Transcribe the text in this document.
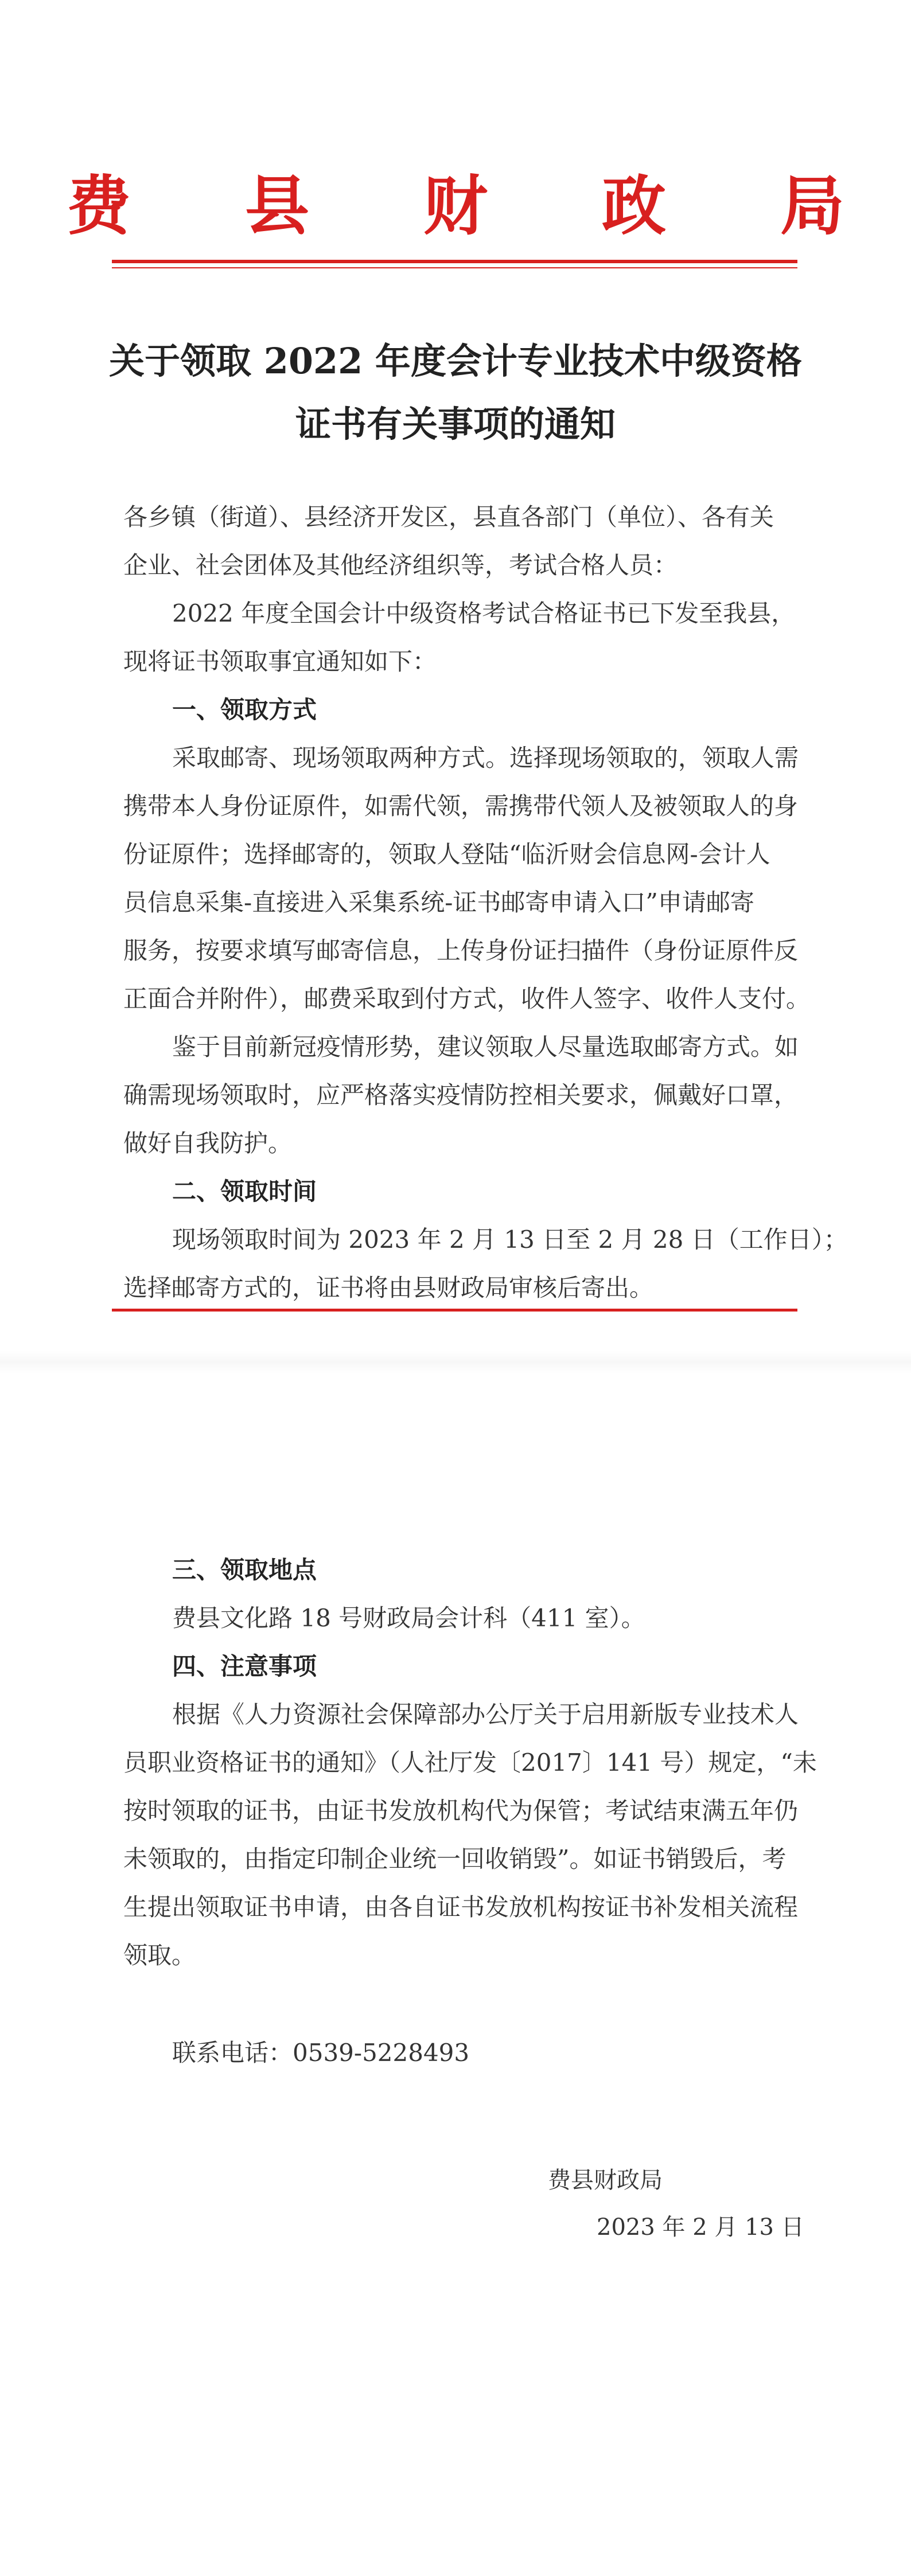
费 县 财 政 局
关于领取 2022 年度会计专业技术中级资格
证书有关事项的通知
各乡镇（街道）、县经济开发区，县直各部门（单位）、各有关
企业、社会团体及其他经济组织等，考试合格人员：
2022 年度全国会计中级资格考试合格证书已下发至我县，
现将证书领取事宜通知如下：
一、领取方式
采取邮寄、现场领取两种方式。选择现场领取的，领取人需
携带本人身份证原件，如需代领，需携带代领人及被领取人的身
份证原件；选择邮寄的，领取人登陆“临沂财会信息网-会计人
员信息采集-直接进入采集系统-证书邮寄申请入口”申请邮寄
服务，按要求填写邮寄信息，上传身份证扫描件（身份证原件反
正面合并附件），邮费采取到付方式，收件人签字、收件人支付。
鉴于目前新冠疫情形势，建议领取人尽量选取邮寄方式。如
确需现场领取时，应严格落实疫情防控相关要求，佩戴好口罩，
做好自我防护。
二、领取时间
现场领取时间为 2023 年 2 月 13 日至 2 月 28 日（工作日）；
选择邮寄方式的，证书将由县财政局审核后寄出。
三、领取地点
费县文化路 18 号财政局会计科（411 室）。
四、注意事项
根据《人力资源社会保障部办公厅关于启用新版专业技术人
员职业资格证书的通知》（人社厅发〔2017〕141 号）规定，“未
按时领取的证书，由证书发放机构代为保管；考试结束满五年仍
未领取的，由指定印制企业统一回收销毁”。如证书销毁后，考
生提出领取证书申请，由各自证书发放机构按证书补发相关流程
领取。
联系电话：0539-5228493
费县财政局
2023 年 2 月 13 日
